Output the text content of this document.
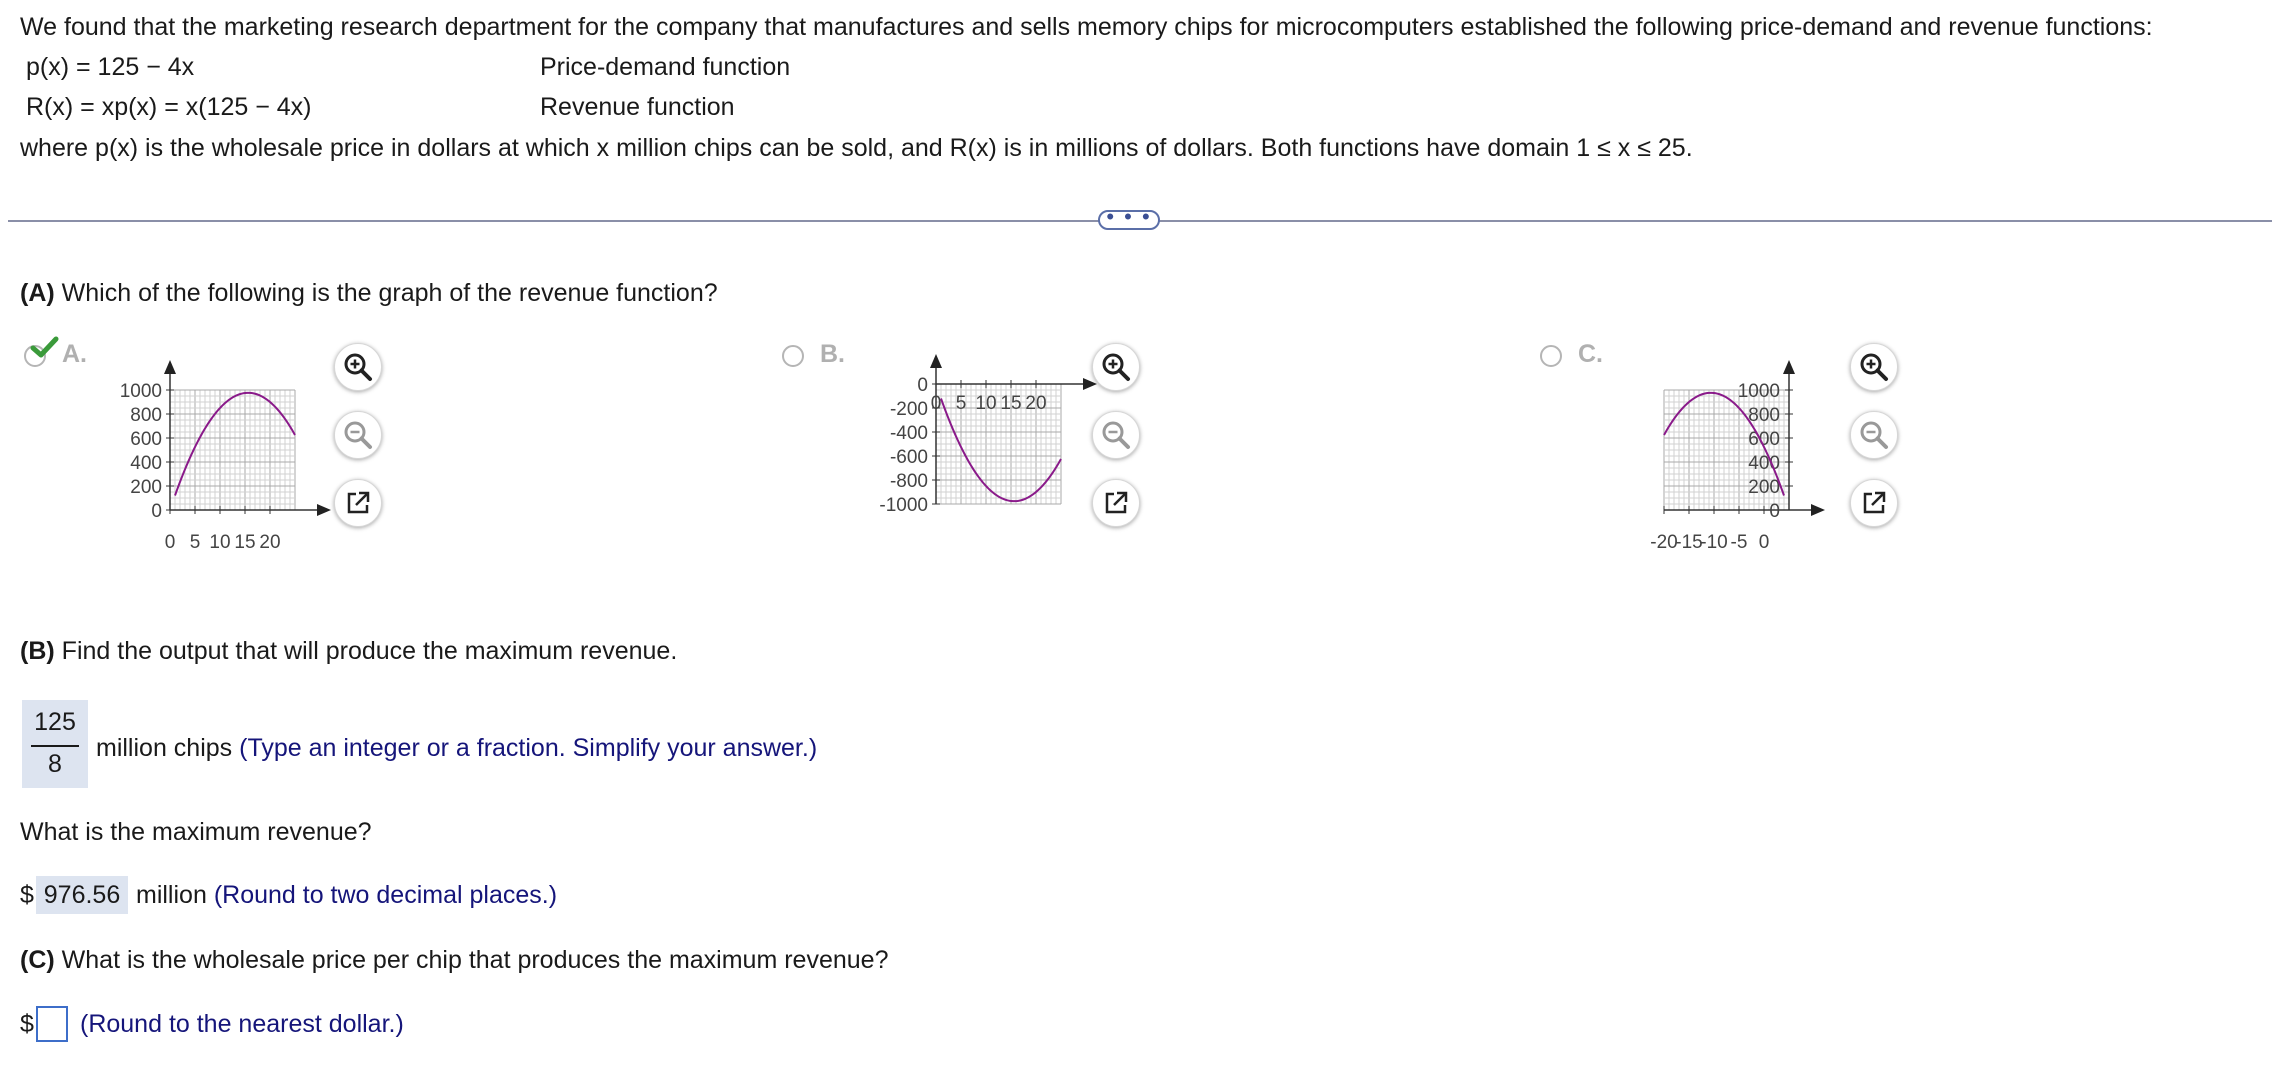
We found that the marketing research department for the company that manufactures and sells memory chips for microcomputers established the following price-demand and revenue functions:
p(x) = 125 − 4x	Price-demand function
R(x) = xp(x) = x(125 − 4x)	Revenue function
where p(x) is the wholesale price in dollars at which x million chips can be sold, and R(x) is in millions of dollars. Both functions have domain 1 ≤ x ≤ 25.
• • •
(A) Which of the following is the graph of the revenue function?
A.
0 5 10 15 20
1000
800
600
400
200
0
B.
0 5 10 15 20
0
-200
-400
-600
-800
-1000
C.
-20
-15
-10 -5 0
1000
800
600
400
200
0
(B) Find the output that will produce the maximum revenue.
125
8
million chips (Type an integer or a fraction. Simplify your answer.)
What is the maximum revenue?
$ 976.56 million (Round to two decimal places.)
(C) What is the wholesale price per chip that produces the maximum revenue?
$ (Round to the nearest dollar.)
